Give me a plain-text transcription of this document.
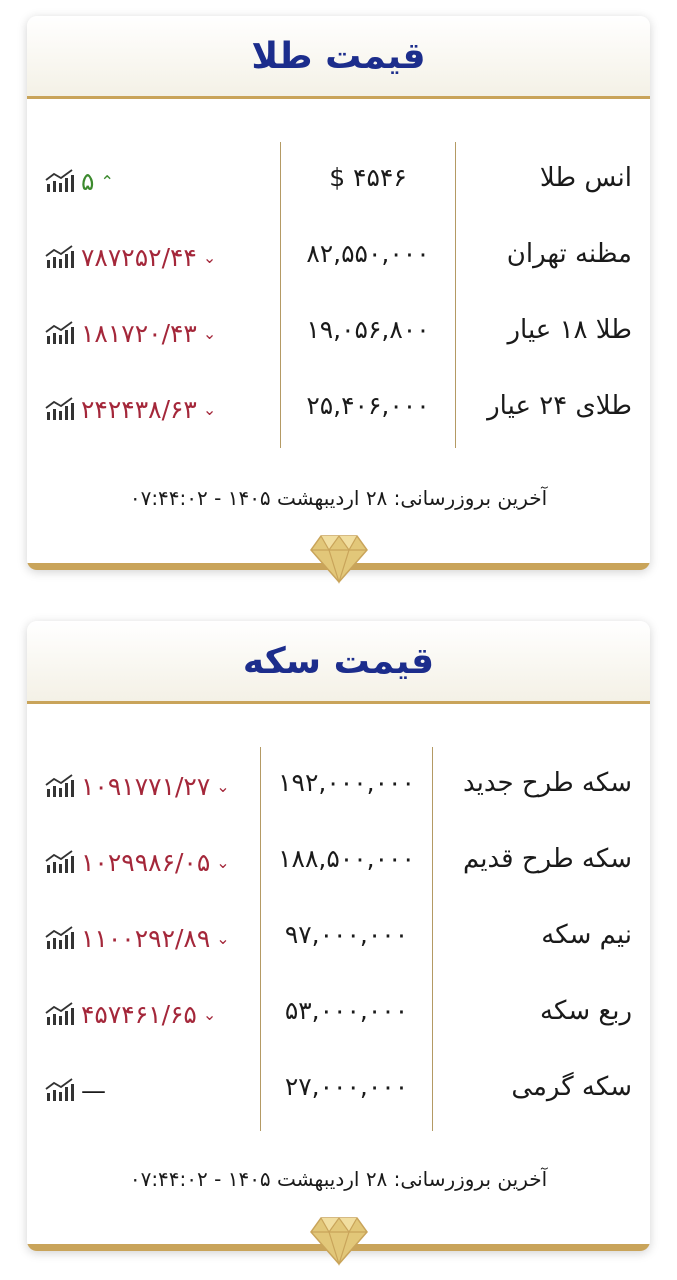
قیمت طلا
انس طلا
$ ۴۵۴۶
۵ ⌃
مظنه تهران
۸۲,۵۵۰,۰۰۰
۷۸۷۲۵۲/۴۴ ⌄
طلا ۱۸ عیار
۱۹,۰۵۶,۸۰۰
۱۸۱۷۲۰/۴۳ ⌄
طلای ۲۴ عیار
۲۵,۴۰۶,۰۰۰
۲۴۲۴۳۸/۶۳ ⌄
آخرین بروزرسانی: ۲۸ اردیبهشت ۱۴۰۵ - ۰۷:۴۴:۰۲
قیمت سکه
سکه طرح جدید
۱۹۲,۰۰۰,۰۰۰
۱۰۹۱۷۷۱/۲۷ ⌄
سکه طرح قدیم
۱۸۸,۵۰۰,۰۰۰
۱۰۲۹۹۸۶/۰۵ ⌄
نیم سکه
۹۷,۰۰۰,۰۰۰
۱۱۰۰۲۹۲/۸۹ ⌄
ربع سکه
۵۳,۰۰۰,۰۰۰
۴۵۷۴۶۱/۶۵ ⌄
سکه گرمی
۲۷,۰۰۰,۰۰۰
—
آخرین بروزرسانی: ۲۸ اردیبهشت ۱۴۰۵ - ۰۷:۴۴:۰۲
